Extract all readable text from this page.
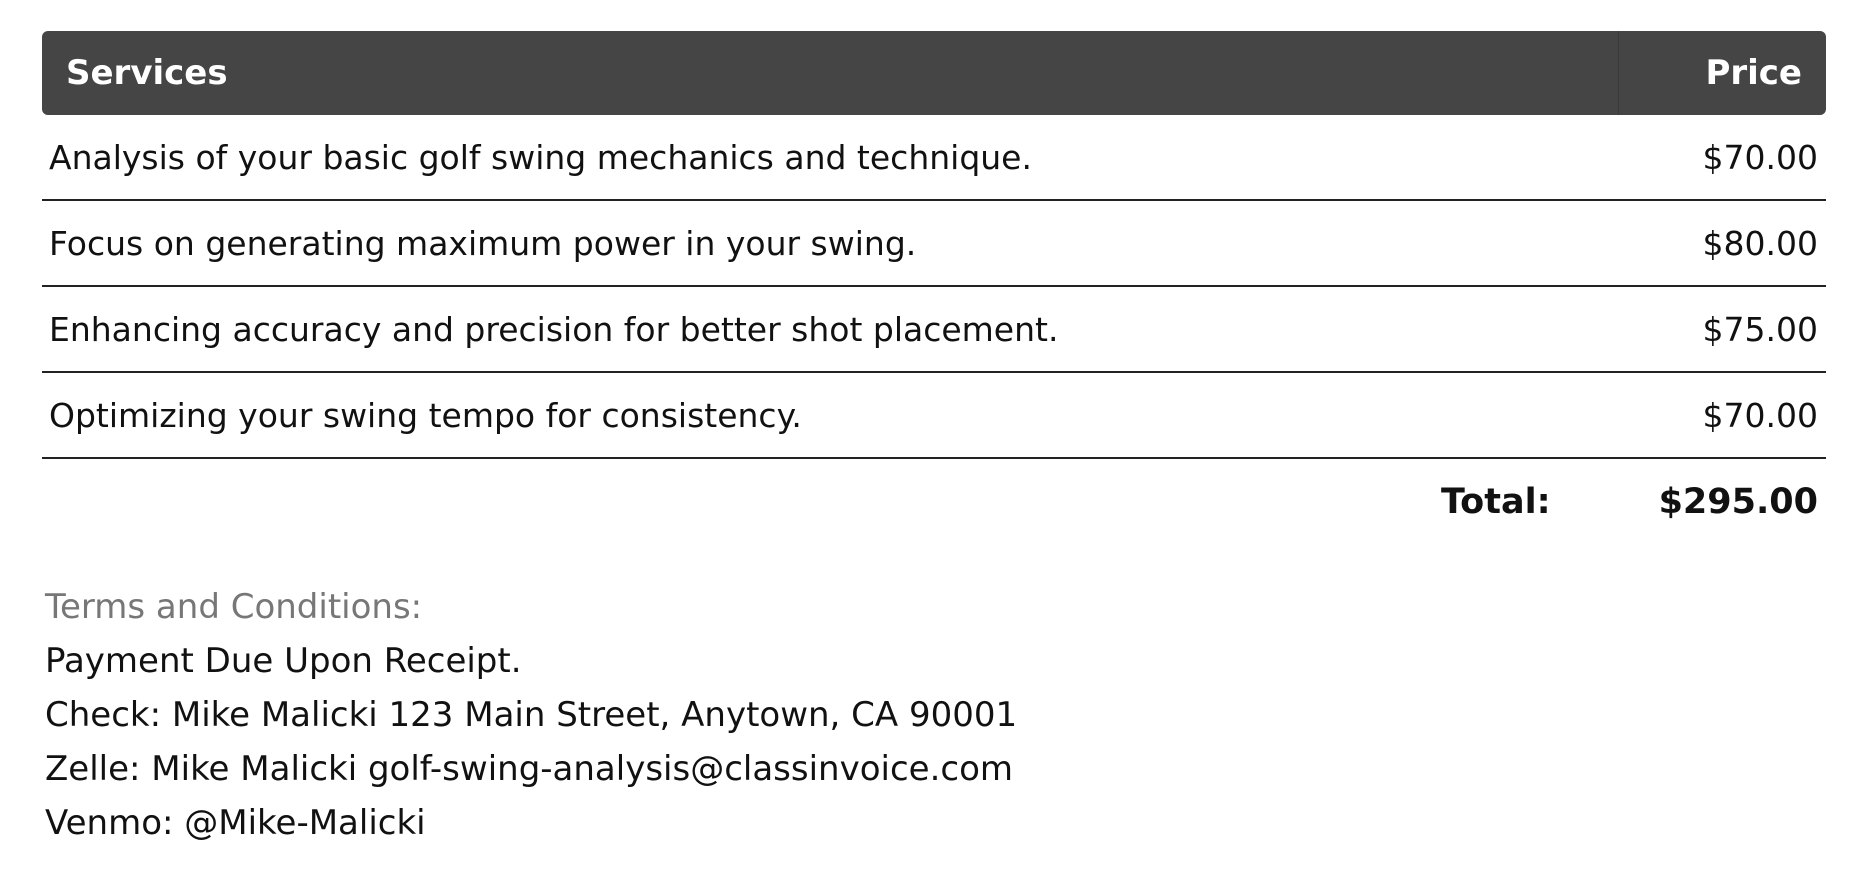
Services	Price
Analysis of your basic golf swing mechanics and technique.	$70.00
Focus on generating maximum power in your swing.	$80.00
Enhancing accuracy and precision for better shot placement.	$75.00
Optimizing your swing tempo for consistency.	$70.00
Total:	$295.00
Terms and Conditions:
Payment Due Upon Receipt.
Check: Mike Malicki 123 Main Street, Anytown, CA 90001
Zelle: Mike Malicki golf-swing-analysis@classinvoice.com
Venmo: @Mike-Malicki
